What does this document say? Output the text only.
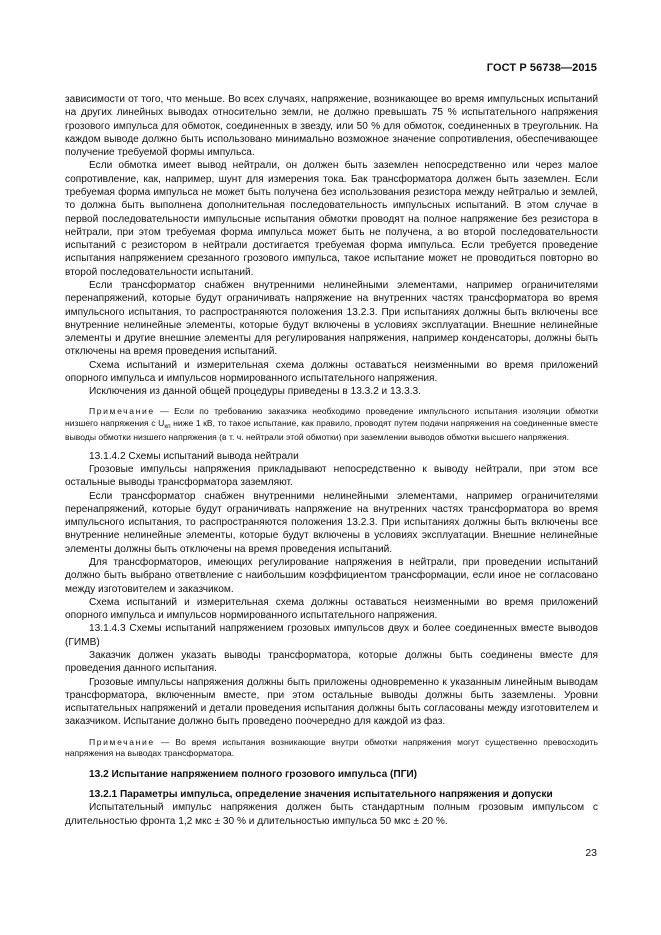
ГОСТ Р 56738—2015

зависимости от того, что меньше. Во всех случаях, напряжение, возникающее во время импульсных испытаний на других линейных выводах относительно земли, не должно превышать 75 % испытательного напряжения грозового импульса для обмоток, соединенных в звезду, или 50 % для обмоток, соединенных в треугольник. На каждом выводе должно быть использовано минимально возможное значение сопротивления, обеспечивающее получение требуемой формы импульса.

Если обмотка имеет вывод нейтрали, он должен быть заземлен непосредственно или через малое сопротивление, как, например, шунт для измерения тока. Бак трансформатора должен быть заземлен. Если требуемая форма импульса не может быть получена без использования резистора между нейтралью и землей, то должна быть выполнена дополнительная последовательность импульсных испытаний. В этом случае в первой последовательности импульсные испытания обмотки проводят на полное напряжение без резистора в нейтрали, при этом требуемая форма импульса может быть не получена, а во второй последовательности испытаний с резистором в нейтрали достигается требуемая форма импульса. Если требуется проведение испытания напряжением срезанного грозового импульса, такое испытание может не проводиться повторно во второй последовательности испытаний.

Если трансформатор снабжен внутренними нелинейными элементами, например ограничителями перенапряжений, которые будут ограничивать напряжение на внутренних частях трансформатора во время импульсного испытания, то распространяются положения 13.2.3. При испытаниях должны быть включены все внутренние нелинейные элементы, которые будут включены в условиях эксплуатации. Внешние нелинейные элементы и другие внешние элементы для регулирования напряжения, например конденсаторы, должны быть отключены на время проведения испытаний.

Схема испытаний и измерительная схема должны оставаться неизменными во время приложений опорного импульса и импульсов нормированного испытательного напряжения.

Исключения из данной общей процедуры приведены в 13.3.2 и 13.3.3.

Примечание — Если по требованию заказчика необходимо проведение импульсного испытания изоляции обмотки низшего напряжения с $U_{кп}$ ниже 1 кВ, то такое испытание, как правило, проводят путем подачи напряжения на соединенные вместе выводы обмотки низшего напряжения (в т. ч. нейтрали этой обмотки) при заземлении выводов обмотки высшего напряжения.

13.1.4.2 Схемы испытаний вывода нейтрали

Грозовые импульсы напряжения прикладывают непосредственно к выводу нейтрали, при этом все остальные выводы трансформатора заземляют.

Если трансформатор снабжен внутренними нелинейными элементами, например ограничителями перенапряжений, которые будут ограничивать напряжение на внутренних частях трансформатора во время импульсного испытания, то распространяются положения 13.2.3. При испытаниях должны быть включены все внутренние нелинейные элементы, которые будут включены в условиях эксплуатации. Внешние нелинейные элементы должны быть отключены на время проведения испытаний.

Для трансформаторов, имеющих регулирование напряжения в нейтрали, при проведении испытаний должно быть выбрано ответвление с наибольшим коэффициентом трансформации, если иное не согласовано между изготовителем и заказчиком.

Схема испытаний и измерительная схема должны оставаться неизменными во время приложений опорного импульса и импульсов нормированного испытательного напряжения.

13.1.4.3 Схемы испытаний напряжением грозовых импульсов двух и более соединенных вместе выводов (ГИМВ)

Заказчик должен указать выводы трансформатора, которые должны быть соединены вместе для проведения данного испытания.

Грозовые импульсы напряжения должны быть приложены одновременно к указанным линейным выводам трансформатора, включенным вместе, при этом остальные выводы должны быть заземлены. Уровни испытательных напряжений и детали проведения испытания должны быть согласованы между изготовителем и заказчиком. Испытание должно быть проведено поочередно для каждой из фаз.

Примечание — Во время испытания возникающие внутри обмотки напряжения могут существенно превосходить напряжения на выводах трансформатора.

13.2 Испытание напряжением полного грозового импульса (ПГИ)

13.2.1 Параметры импульса, определение значения испытательного напряжения и допуски

Испытательный импульс напряжения должен быть стандартным полным грозовым импульсом с длительностью фронта 1,2 мкс ± 30 % и длительностью импульса 50 мкс ± 20 %.

23
